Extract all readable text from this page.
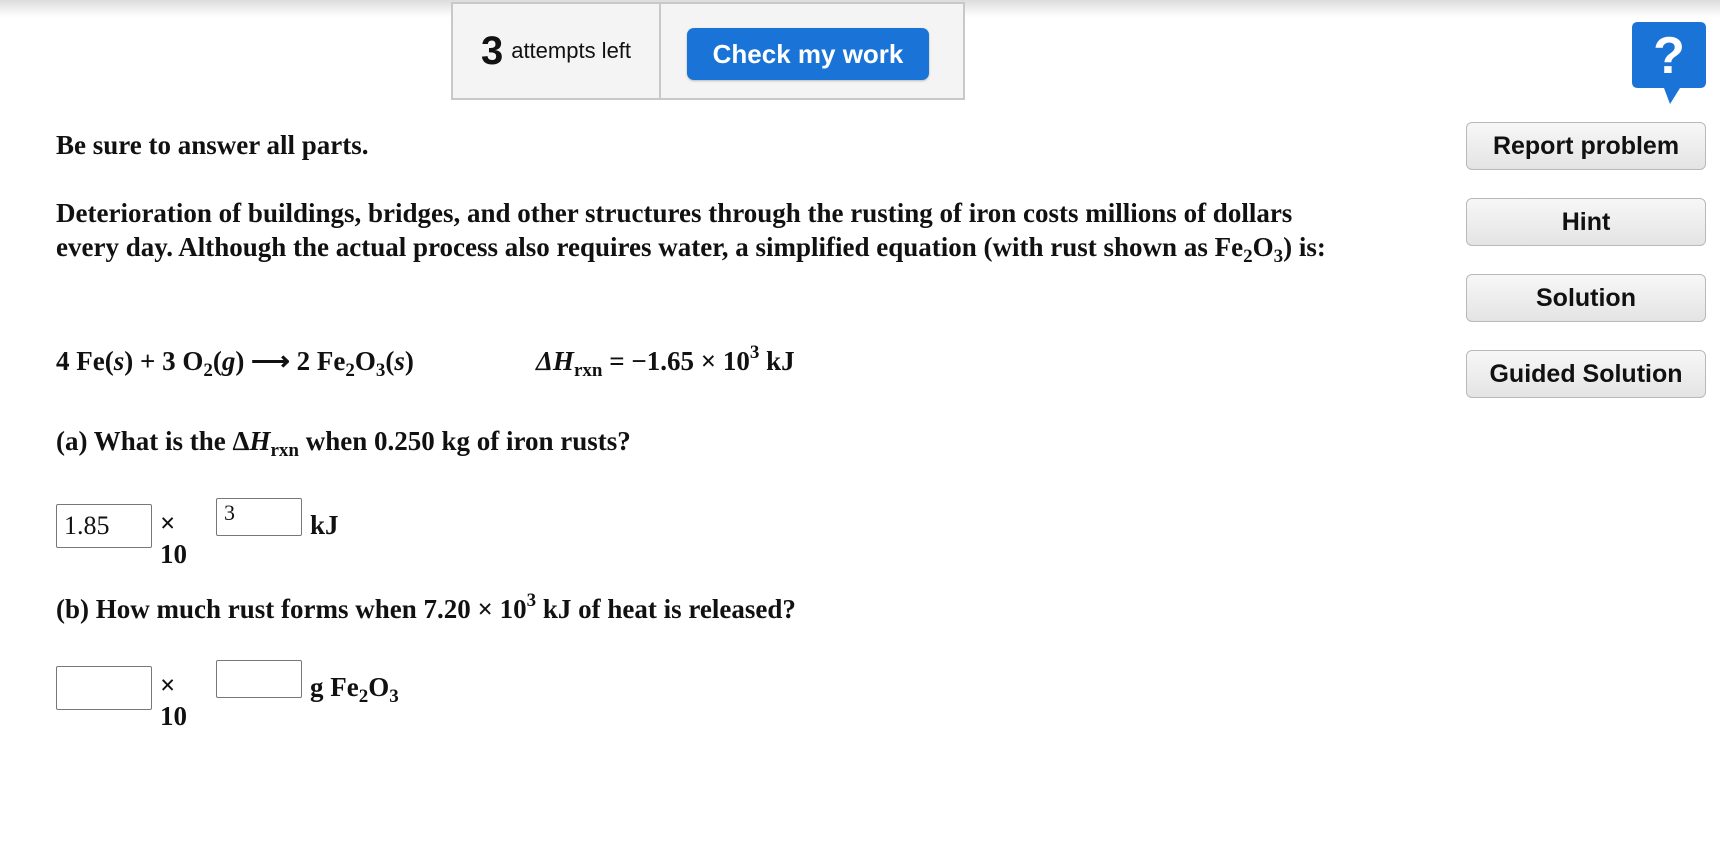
3 attempts left	Check my work	?
Report problem
Hint
Solution
Guided Solution
Be sure to answer all parts.
Deterioration of buildings, bridges, and other structures through the rusting of iron costs millions of dollars every day. Although the actual process also requires water, a simplified equation (with rust shown as $Fe_2O_3$) is:
4 Fe(s) + 3 $O_2(g)$ ⟶ 2 $Fe_2O_3(s)$	$\Delta H_{rxn} = -1.65 \times 10^3$ kJ
(a) What is the $\Delta H_{rxn}$ when 0.250 kg of iron rusts?
1.85	× 10
3	kJ
(b) How much rust forms when $7.20 \times 10^3$ kJ of heat is released?
× 10
g $Fe_2O_3$
